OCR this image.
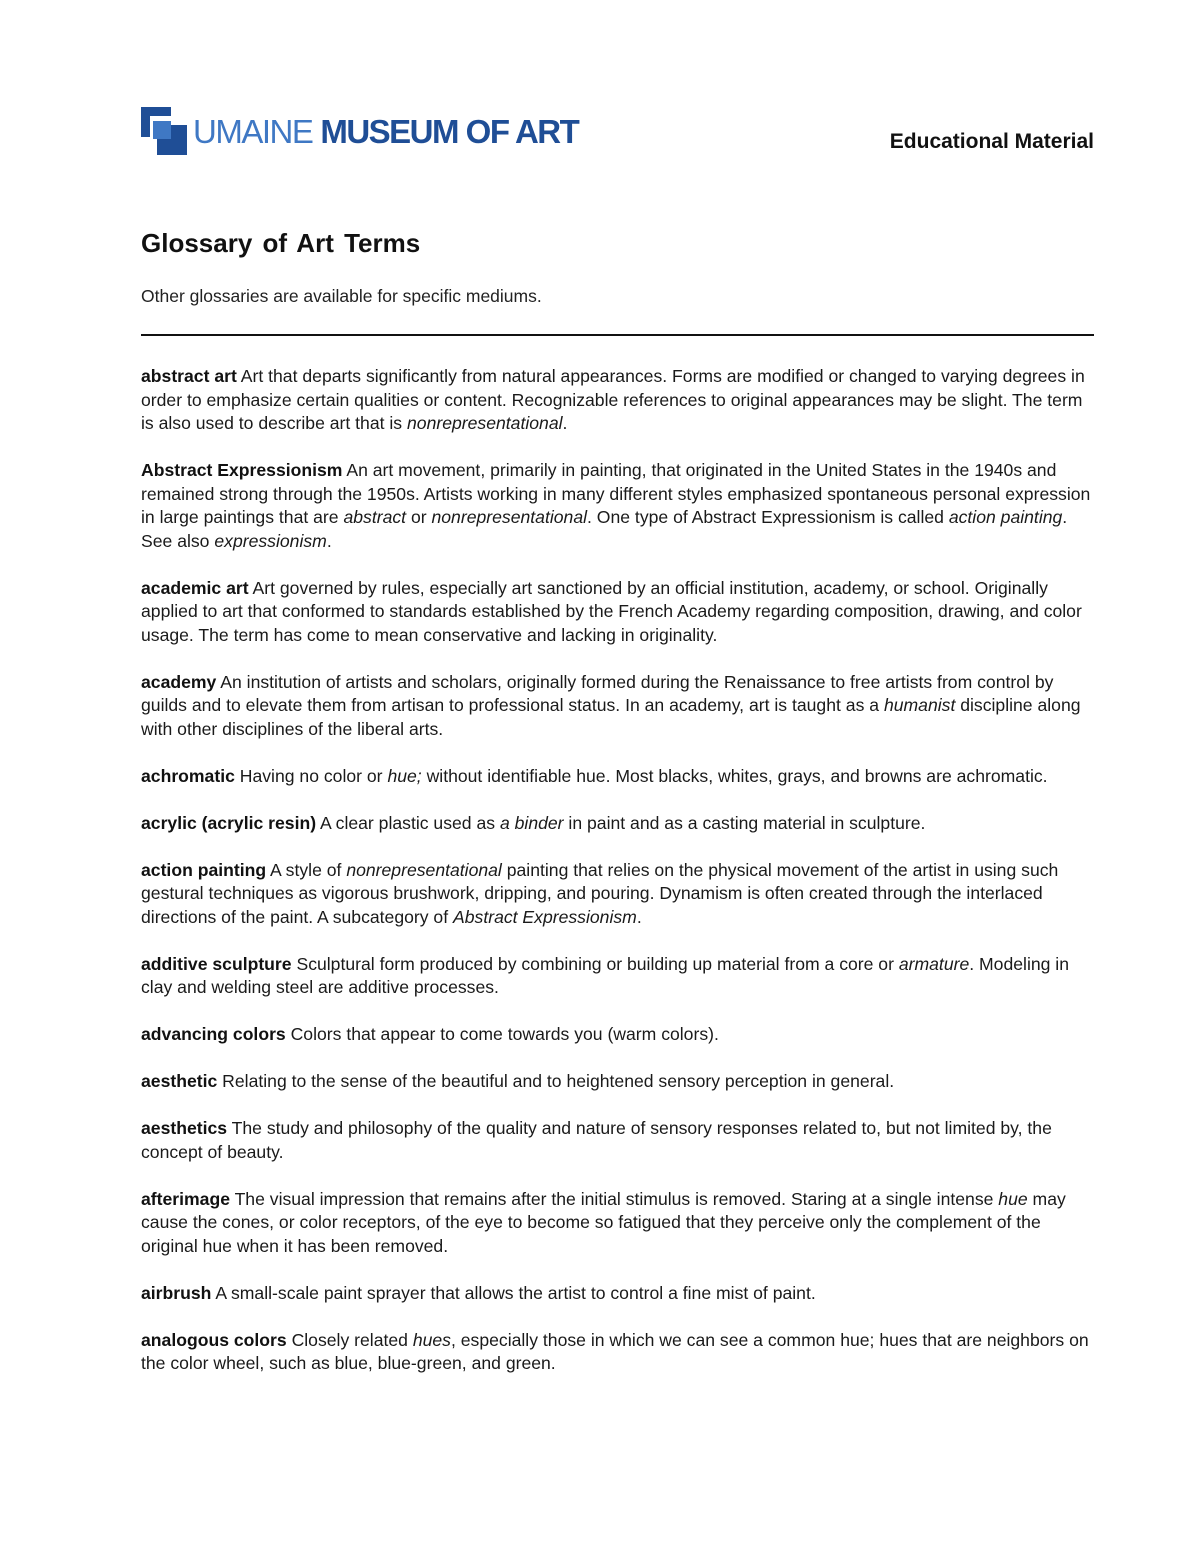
UMAINE MUSEUM OF ART	Educational Material
Glossary of Art Terms

Other glossaries are available for specific mediums.

abstract art Art that departs significantly from natural appearances. Forms are modified or changed to varying degrees in order to emphasize certain qualities or content. Recognizable references to original appearances may be slight. The term is also used to describe art that is nonrepresentational.

Abstract Expressionism An art movement, primarily in painting, that originated in the United States in the 1940s and remained strong through the 1950s. Artists working in many different styles emphasized spontaneous personal expression in large paintings that are abstract or nonrepresentational. One type of Abstract Expressionism is called action painting. See also expressionism.

academic art Art governed by rules, especially art sanctioned by an official institution, academy, or school. Originally applied to art that conformed to standards established by the French Academy regarding composition, drawing, and color usage. The term has come to mean conservative and lacking in originality.

academy An institution of artists and scholars, originally formed during the Renaissance to free artists from control by guilds and to elevate them from artisan to professional status. In an academy, art is taught as a humanist discipline along with other disciplines of the liberal arts.

achromatic Having no color or hue; without identifiable hue. Most blacks, whites, grays, and browns are achromatic.

acrylic (acrylic resin) A clear plastic used as a binder in paint and as a casting material in sculpture.

action painting A style of nonrepresentational painting that relies on the physical movement of the artist in using such gestural techniques as vigorous brushwork, dripping, and pouring. Dynamism is often created through the interlaced directions of the paint. A subcategory of Abstract Expressionism.

additive sculpture Sculptural form produced by combining or building up material from a core or armature. Modeling in clay and welding steel are additive processes.

advancing colors Colors that appear to come towards you (warm colors).

aesthetic Relating to the sense of the beautiful and to heightened sensory perception in general.

aesthetics The study and philosophy of the quality and nature of sensory responses related to, but not limited by, the concept of beauty.

afterimage The visual impression that remains after the initial stimulus is removed. Staring at a single intense hue may cause the cones, or color receptors, of the eye to become so fatigued that they perceive only the complement of the original hue when it has been removed.

airbrush A small-scale paint sprayer that allows the artist to control a fine mist of paint.

analogous colors Closely related hues, especially those in which we can see a common hue; hues that are neighbors on the color wheel, such as blue, blue-green, and green.
